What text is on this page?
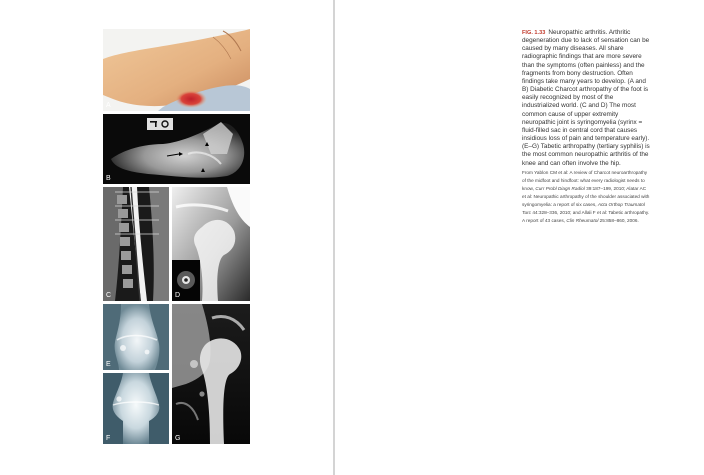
A
B
C	D
E
F	G
FIG. 1.33 Neuropathic arthritis. Arthritic degeneration due to lack of sensation can be caused by many diseases. All share radiographic findings that are more severe than the symptoms (often painless) and the fragments from bony destruction. Often findings take many years to develop. (A and B) Diabetic Charcot arthropathy of the foot is easily recognized by most of the industrialized world. (C and D) The most common cause of upper extremity neuropathic joint is syringomyelia (syrinx = fluid-filled sac in central cord that causes insidious loss of pain and temperature early). (E–G) Tabetic arthropathy (tertiary syphilis) is the most common neuropathic arthritis of the knee and can often involve the hip.
From Yablon CM et al: A review of Charcot neuroarthropathy of the midfoot and hindfoot: what every radiologist needs to know, Curr Probl Diagn Radiol 39:187–199, 2010; Alatar AC et al: Neuropathic arthropathy of the shoulder associated with syringomyelia: a report of six cases, Acta Orthop Traumatol Turc 44:328–336, 2010; and Allali F et al: Tabetic arthropathy. A report of 43 cases, Clin Rheumatol 25:858–860, 2006.
